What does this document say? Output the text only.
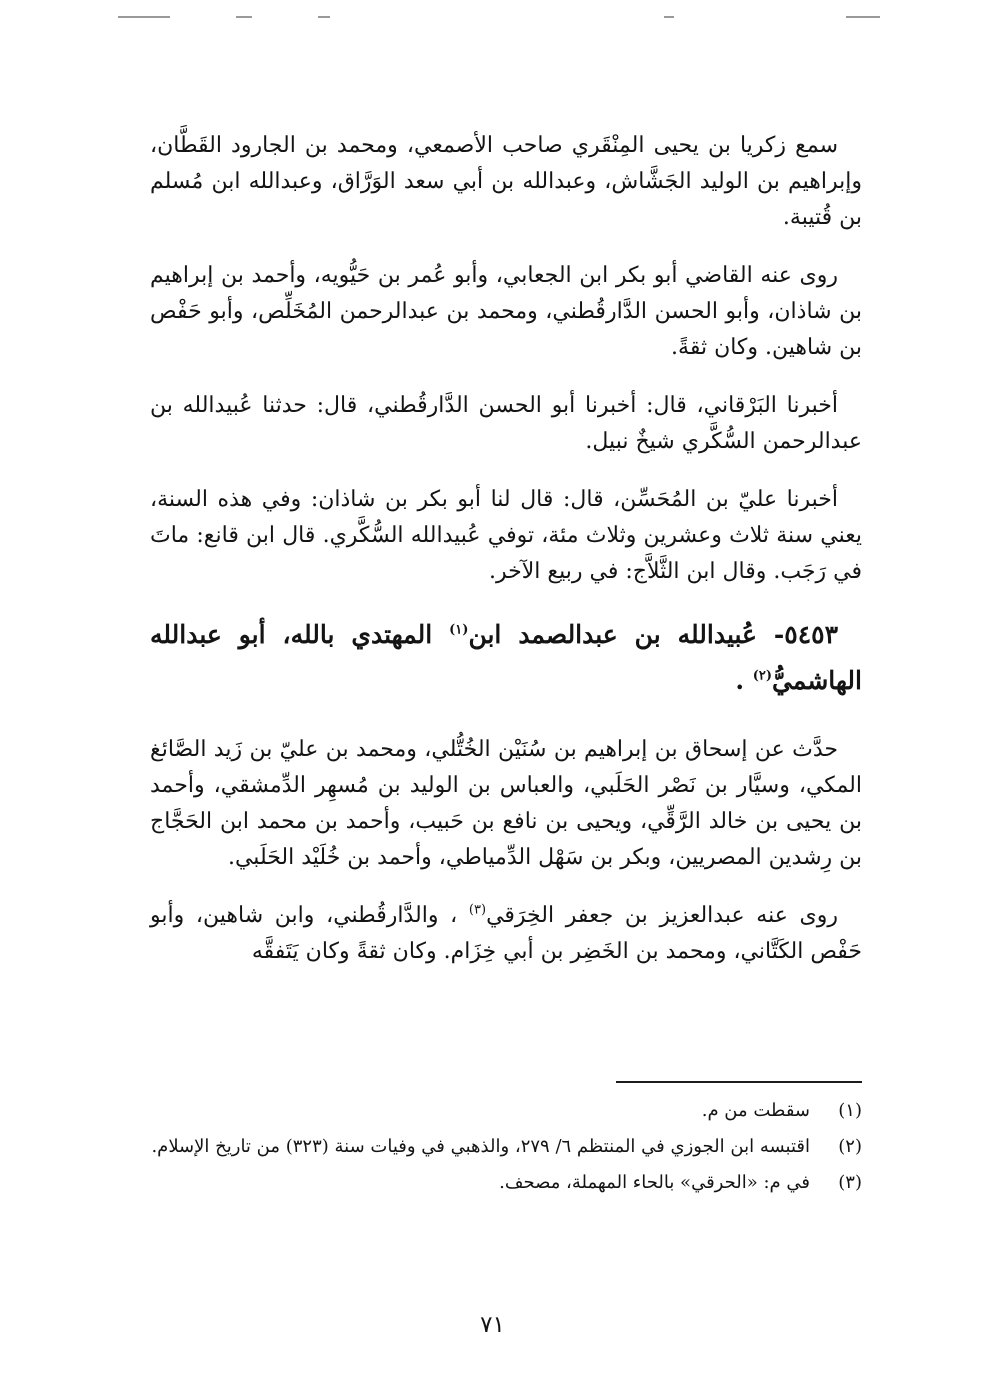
سمع زكريا بن يحيى المِنْقَري صاحب الأصمعي، ومحمد بن الجارود القَطَّان، وإبراهيم بن الوليد الجَشَّاش، وعبدالله بن أبي سعد الوَرَّاق، وعبدالله ابن مُسلم بن قُتيبة.

روى عنه القاضي أبو بكر ابن الجعابي، وأبو عُمر بن حَيُّويه، وأحمد بن إبراهيم بن شاذان، وأبو الحسن الدَّارقُطني، ومحمد بن عبدالرحمن المُخَلِّص، وأبو حَفْص بن شاهين. وكان ثقةً.

أخبرنا البَرْقاني، قال: أخبرنا أبو الحسن الدَّارقُطني، قال: حدثنا عُبيدالله بن عبدالرحمن السُّكَّري شيخٌ نبيل.

أخبرنا عليّ بن المُحَسِّن، قال: قال لنا أبو بكر بن شاذان: وفي هذه السنة، يعني سنة ثلاث وعشرين وثلاث مئة، توفي عُبيدالله السُّكَّري. قال ابن قانع: ماتَ في رَجَب. وقال ابن الثَّلاَّج: في ربيع الآخر.

٥٤٥٣- عُبيدالله بن عبدالصمد ابن$^{(١)}$ المهتدي بالله، أبو عبدالله الهاشميُّ$^{(٢)}$ .

حدَّث عن إسحاق بن إبراهيم بن سُنَيْن الخُتُّلي، ومحمد بن عليّ بن زَيد الصَّائغ المكي، وسيَّار بن نَصْر الحَلَبي، والعباس بن الوليد بن مُسهِر الدِّمشقي، وأحمد بن يحيى بن خالد الرَّقِّي، ويحيى بن نافع بن حَبيب، وأحمد بن محمد ابن الحَجَّاج بن رِشدين المصريين، وبكر بن سَهْل الدِّمياطي، وأحمد بن خُلَيْد الحَلَبي.

روى عنه عبدالعزيز بن جعفر الخِرَقي$^{(٣)}$ ، والدَّارقُطني، وابن شاهين، وأبو حَفْص الكَتَّاني، ومحمد بن الخَضِر بن أبي خِزَام. وكان ثقةً وكان يَتَفقَّه

(١)
سقطت من م.
(٢)
اقتبسه ابن الجوزي في المنتظم ٦/ ٢٧٩، والذهبي في وفيات سنة (٣٢٣) من تاريخ الإسلام.
(٣)
في م: «الحرقي» بالحاء المهملة، مصحف.
٧١
